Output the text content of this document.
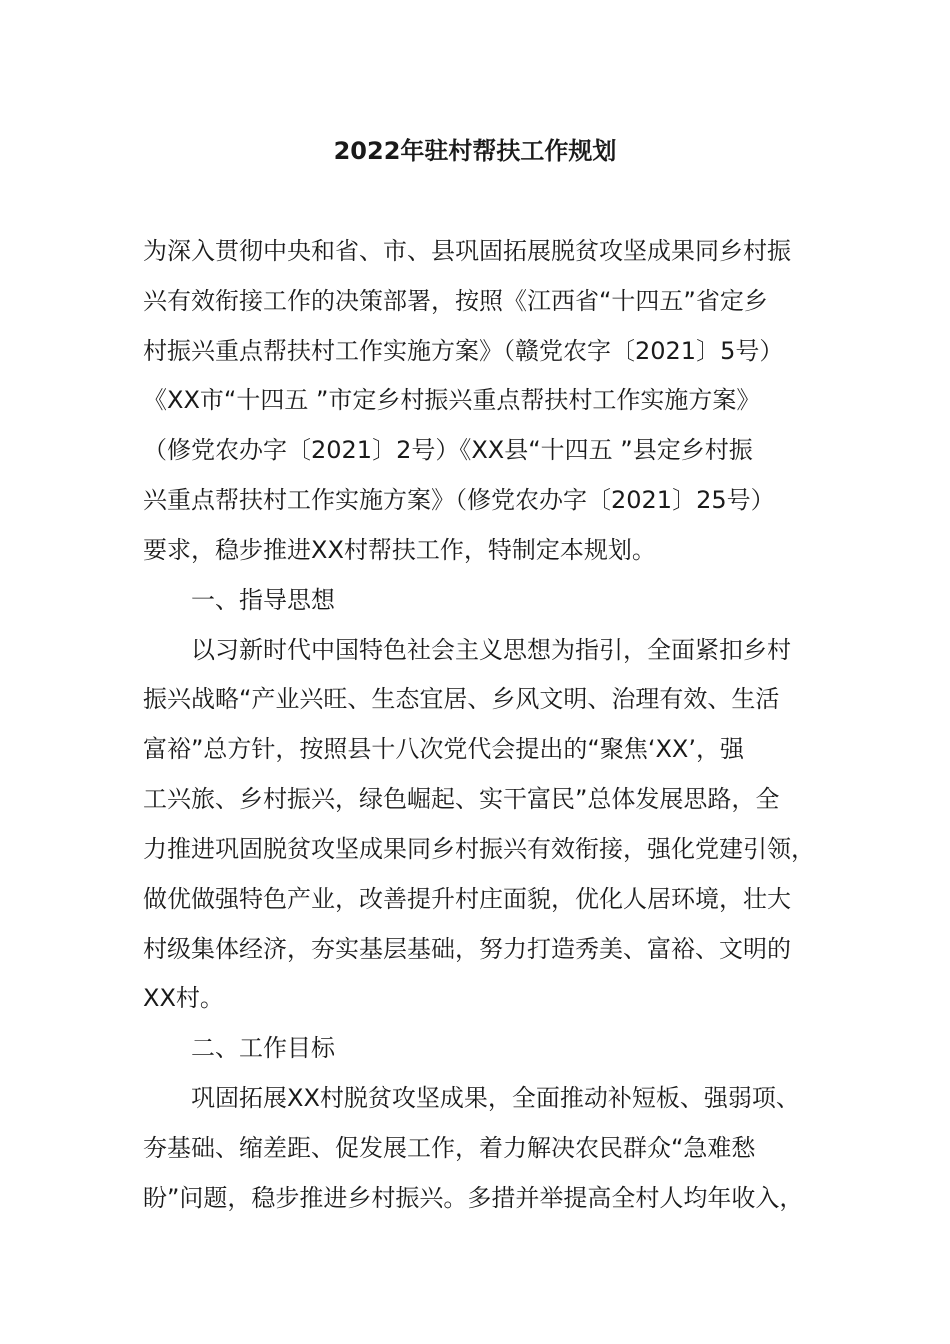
2022年驻村帮扶工作规划
为深入贯彻中央和省、市、县巩固拓展脱贫攻坚成果同乡村振
兴有效衔接工作的决策部署，按照《江西省“十四五”省定乡
村振兴重点帮扶村工作实施方案》（赣党农字〔2021〕5号）
《XX市“十四五 ”市定乡村振兴重点帮扶村工作实施方案》
（修党农办字〔2021〕2号）《XX县“十四五 ”县定乡村振
兴重点帮扶村工作实施方案》（修党农办字〔2021〕25号）
要求，稳步推进XX村帮扶工作，特制定本规划。
一、指导思想
以习新时代中国特色社会主义思想为指引，全面紧扣乡村
振兴战略“产业兴旺、生态宜居、乡风文明、治理有效、生活
富裕”总方针，按照县十八次党代会提出的“聚焦‘XX’，强
工兴旅、乡村振兴，绿色崛起、实干富民”总体发展思路，全
力推进巩固脱贫攻坚成果同乡村振兴有效衔接，强化党建引领，
做优做强特色产业，改善提升村庄面貌，优化人居环境，壮大
村级集体经济，夯实基层基础，努力打造秀美、富裕、文明的
XX村。
二、工作目标
巩固拓展XX村脱贫攻坚成果，全面推动补短板、强弱项、
夯基础、缩差距、促发展工作，着力解决农民群众“急难愁
盼”问题，稳步推进乡村振兴。多措并举提高全村人均年收入，
